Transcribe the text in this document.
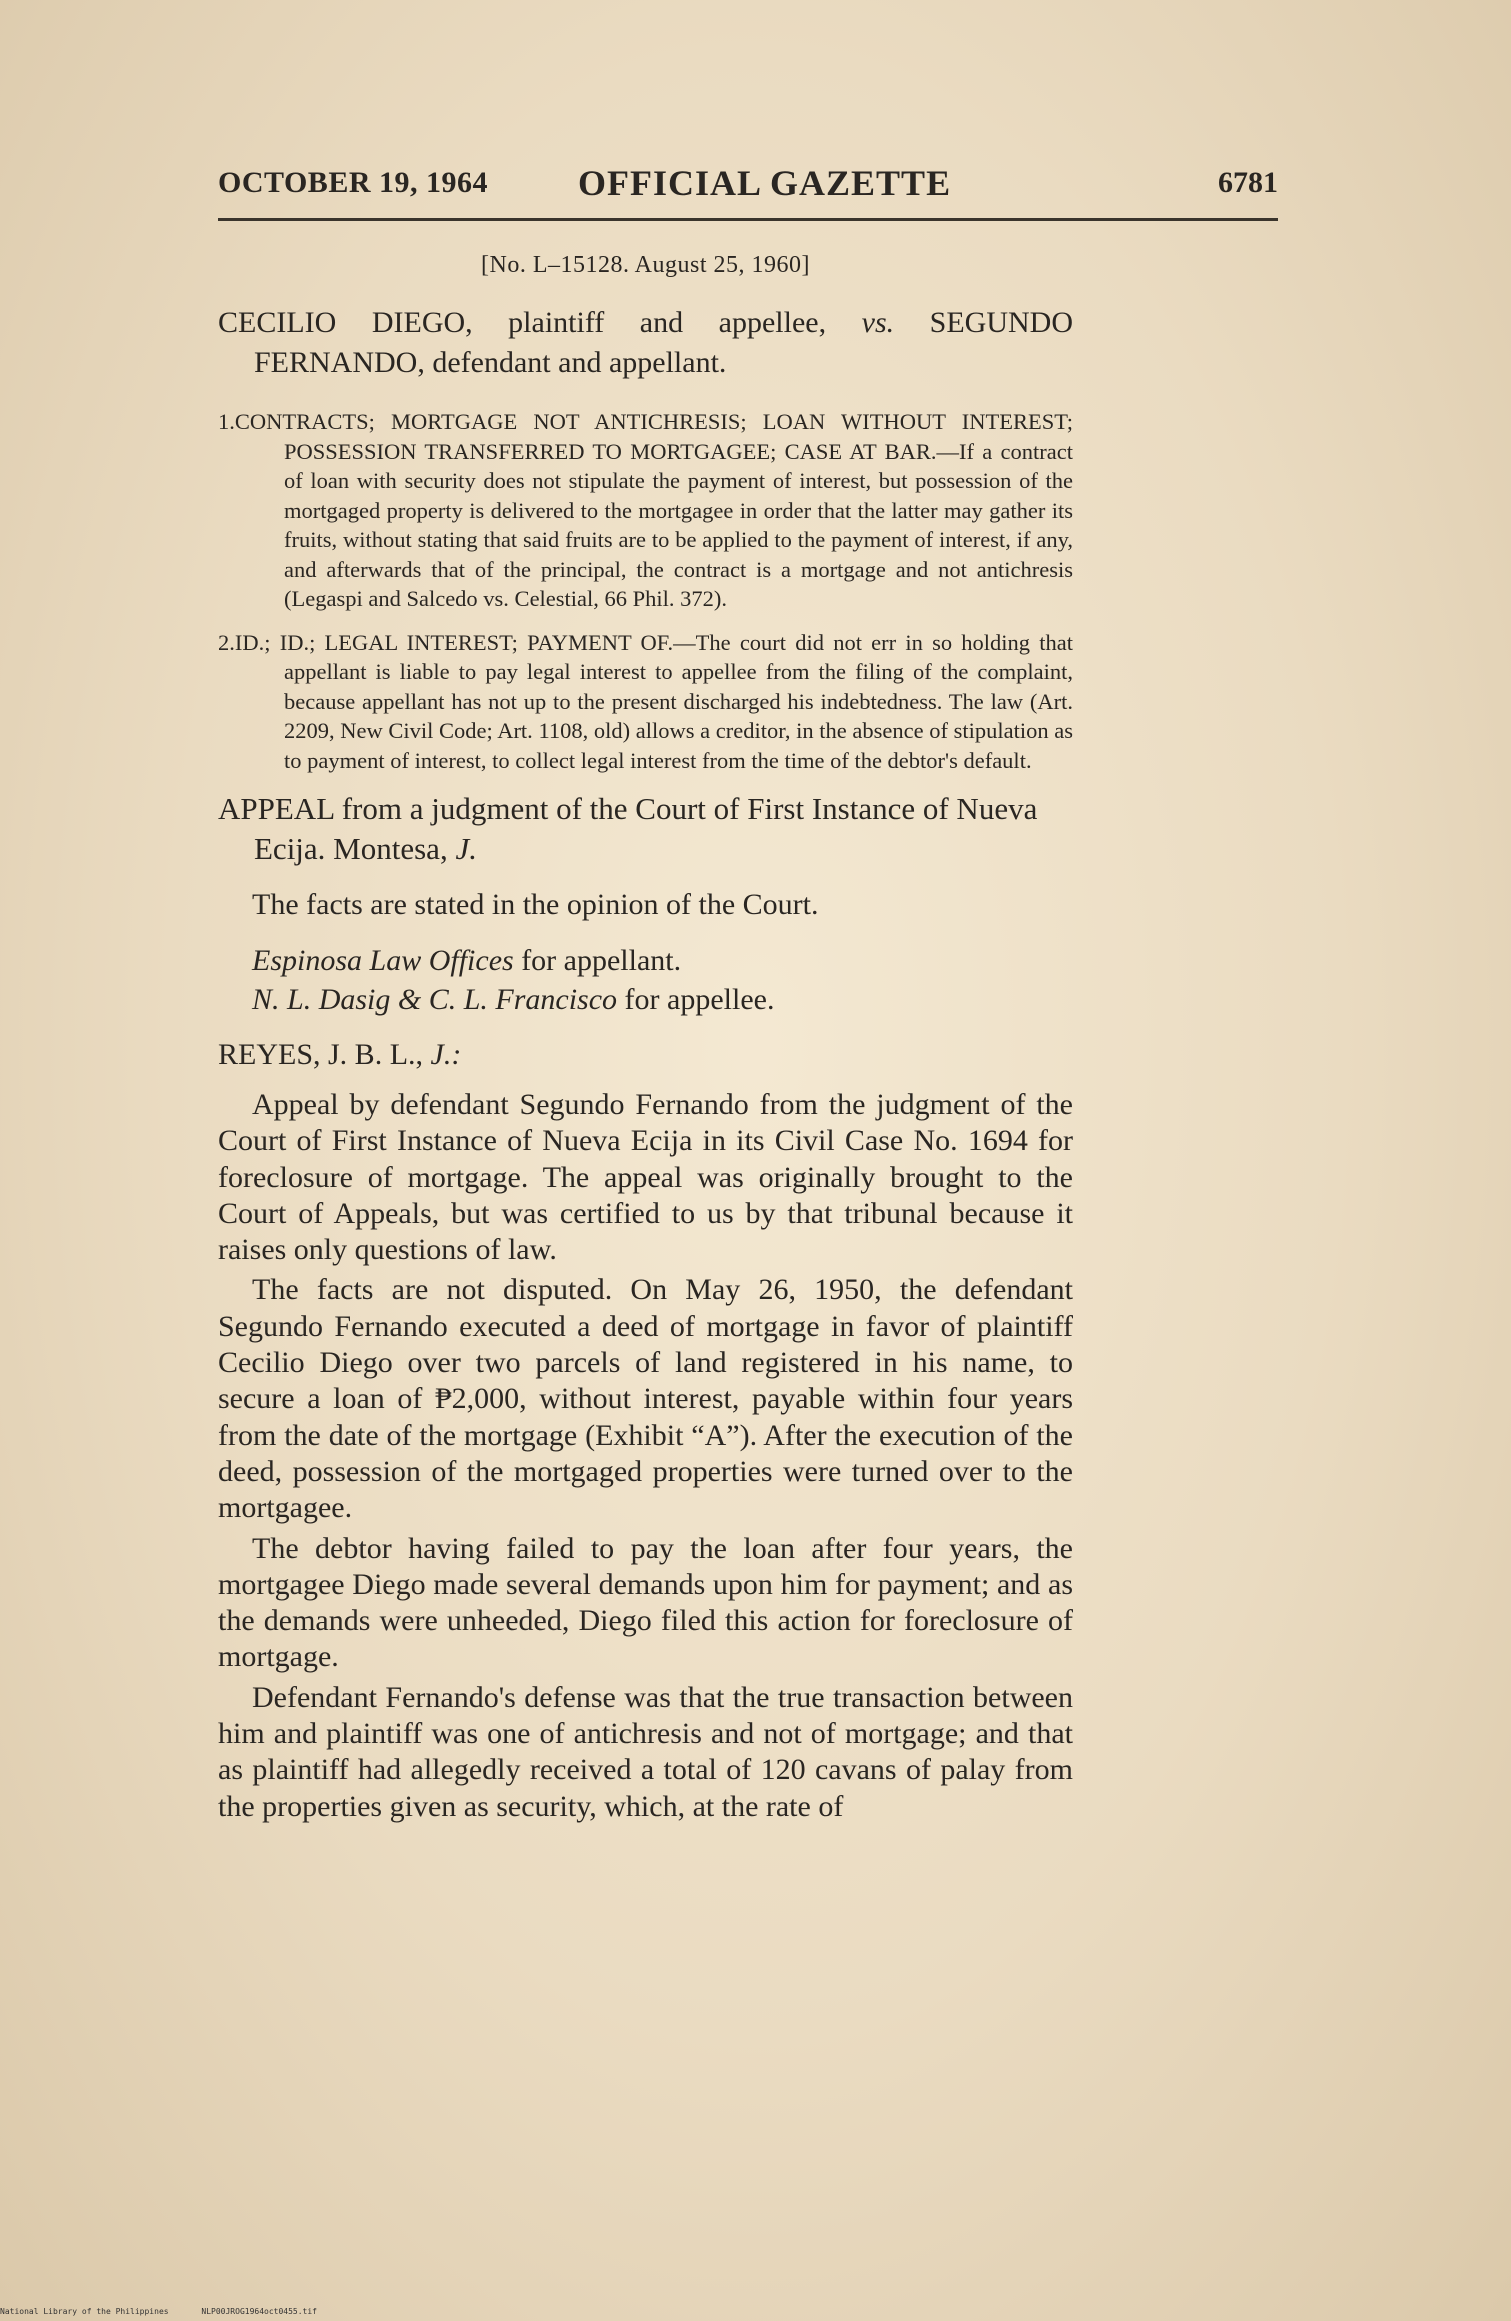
OCTOBER 19, 1964	OFFICIAL GAZETTE	6781
[No. L–15128. August 25, 1960]
CECILIO DIEGO, plaintiff and appellee, vs. SEGUNDO FERNANDO, defendant and appellant.

1.CONTRACTS; MORTGAGE NOT ANTICHRESIS; LOAN WITHOUT INTEREST; POSSESSION TRANSFERRED TO MORTGAGEE; CASE AT BAR.—If a contract of loan with security does not stipulate the payment of interest, but possession of the mortgaged property is delivered to the mortgagee in order that the latter may gather its fruits, without stating that said fruits are to be applied to the payment of interest, if any, and afterwards that of the principal, the contract is a mortgage and not antichresis (Legaspi and Salcedo vs. Celestial, 66 Phil. 372).

2.ID.; ID.; LEGAL INTEREST; PAYMENT OF.—The court did not err in so holding that appellant is liable to pay legal interest to appellee from the filing of the complaint, because appellant has not up to the present discharged his indebtedness. The law (Art. 2209, New Civil Code; Art. 1108, old) allows a creditor, in the absence of stipulation as to payment of interest, to collect legal interest from the time of the debtor's default.

APPEAL from a judgment of the Court of First Instance of Nueva Ecija. Montesa, J.

The facts are stated in the opinion of the Court.

Espinosa Law Offices for appellant.

N. L. Dasig & C. L. Francisco for appellee.

REYES, J. B. L., J.:

Appeal by defendant Segundo Fernando from the judgment of the Court of First Instance of Nueva Ecija in its Civil Case No. 1694 for foreclosure of mortgage. The appeal was originally brought to the Court of Appeals, but was certified to us by that tribunal because it raises only questions of law.

The facts are not disputed. On May 26, 1950, the defendant Segundo Fernando executed a deed of mortgage in favor of plaintiff Cecilio Diego over two parcels of land registered in his name, to secure a loan of ₱2,000, without interest, payable within four years from the date of the mortgage (Exhibit “A”). After the execution of the deed, possession of the mortgaged properties were turned over to the mortgagee.

The debtor having failed to pay the loan after four years, the mortgagee Diego made several demands upon him for payment; and as the demands were unheeded, Diego filed this action for foreclosure of mortgage.

Defendant Fernando's defense was that the true transaction between him and plaintiff was one of antichresis and not of mortgage; and that as plaintiff had allegedly received a total of 120 cavans of palay from the properties given as security, which, at the rate of

National Library of the Philippines	NLP00JROG1964oct0455.tif
